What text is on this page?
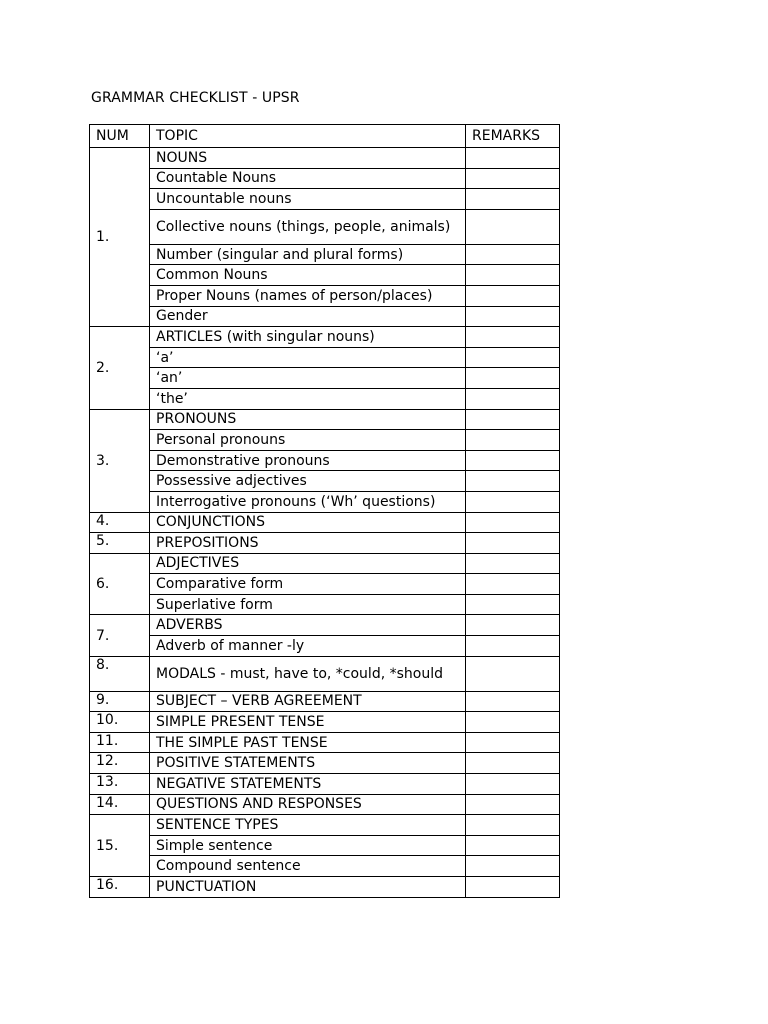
GRAMMAR CHECKLIST - UPSR
NUM	TOPIC	REMARKS
1.	NOUNS	
	Countable Nouns	
	Uncountable nouns	
	Collective nouns (things, people, animals)	
	Number (singular and plural forms)	
	Common Nouns	
	Proper Nouns (names of person/places)	
	Gender	
2.	ARTICLES (with singular nouns)	
	‘a’	
	‘an’	
	‘the’	
3.	PRONOUNS	
	Personal pronouns	
	Demonstrative pronouns	
	Possessive adjectives	
	Interrogative pronouns (‘Wh’ questions)	
4.	CONJUNCTIONS	
5.	PREPOSITIONS	
6.	ADJECTIVES	
	Comparative form	
	Superlative form	
7.	ADVERBS	
	Adverb of manner -ly	
8.	MODALS - must, have to, *could, *should	
9.	SUBJECT – VERB AGREEMENT	
10.	SIMPLE PRESENT TENSE	
11.	THE SIMPLE PAST TENSE	
12.	POSITIVE STATEMENTS	
13.	NEGATIVE STATEMENTS	
14.	QUESTIONS AND RESPONSES	
15.	SENTENCE TYPES	
	Simple sentence	
	Compound sentence	
16.	PUNCTUATION	
